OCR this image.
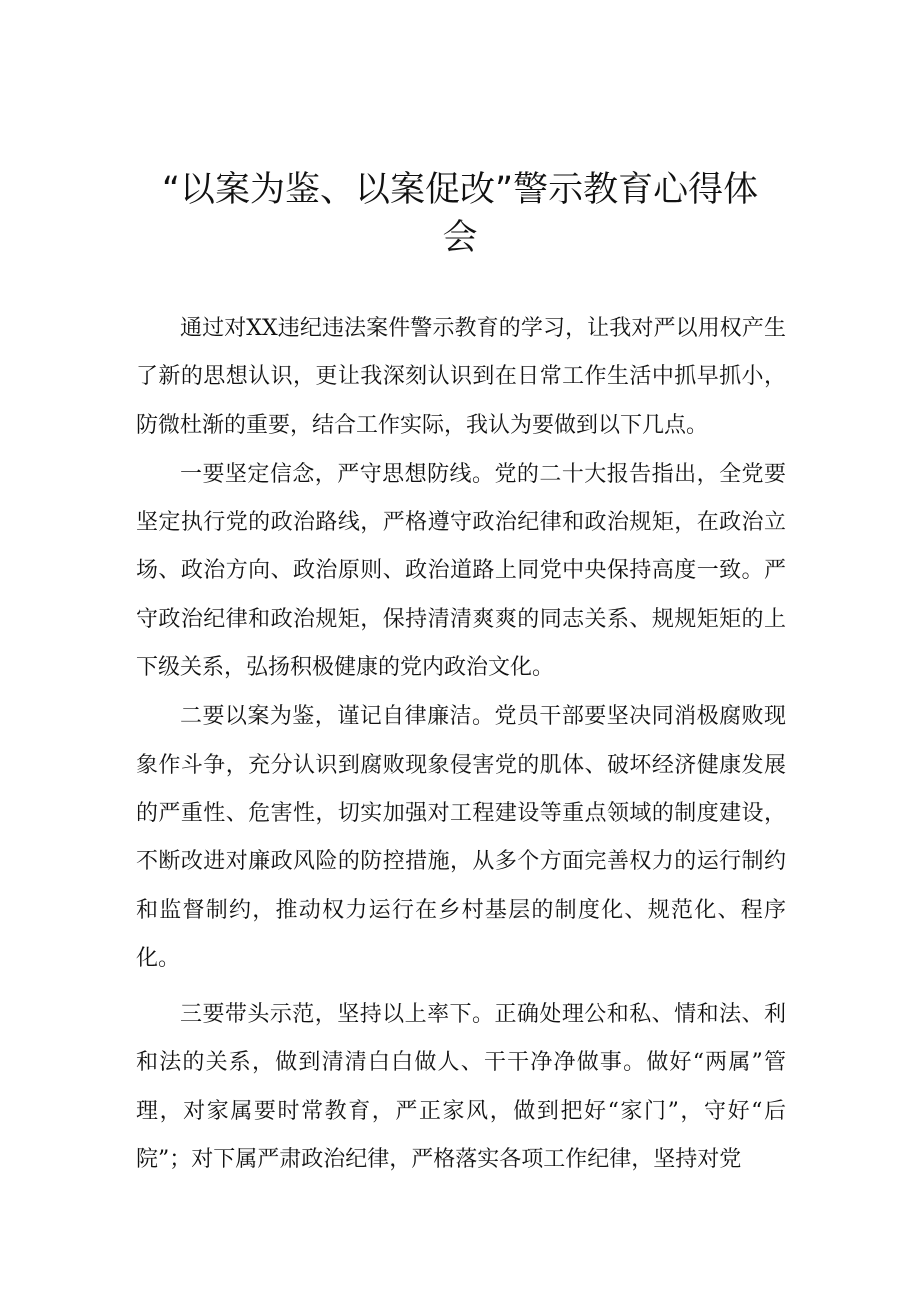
“以案为鉴、以案促改”警示教育心得体会

通过对XX违纪违法案件警示教育的学习，让我对严以用权产生了新的思想认识，更让我深刻认识到在日常工作生活中抓早抓小，防微杜渐的重要，结合工作实际，我认为要做到以下几点。

一要坚定信念，严守思想防线。党的二十大报告指出，全党要坚定执行党的政治路线，严格遵守政治纪律和政治规矩，在政治立场、政治方向、政治原则、政治道路上同党中央保持高度一致。严守政治纪律和政治规矩，保持清清爽爽的同志关系、规规矩矩的上下级关系，弘扬积极健康的党内政治文化。

二要以案为鉴，谨记自律廉洁。党员干部要坚决同消极腐败现象作斗争，充分认识到腐败现象侵害党的肌体、破坏经济健康发展的严重性、危害性，切实加强对工程建设等重点领域的制度建设，不断改进对廉政风险的防控措施，从多个方面完善权力的运行制约和监督制约，推动权力运行在乡村基层的制度化、规范化、程序化。

三要带头示范，坚持以上率下。正确处理公和私、情和法、利和法的关系，做到清清白白做人、干干净净做事。做好“两属”管理，对家属要时常教育，严正家风，做到把好“家门”，守好“后院”；对下属严肃政治纪律，严格落实各项工作纪律，坚持对党
